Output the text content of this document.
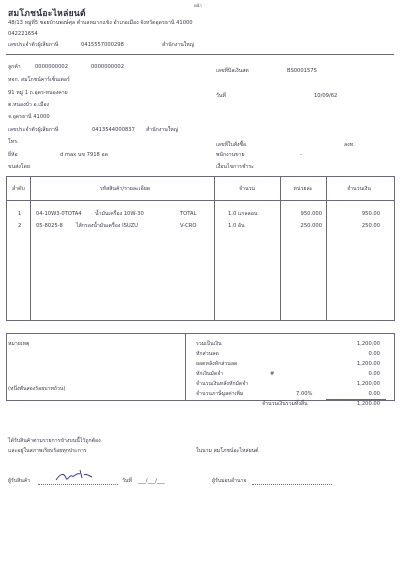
หน้า
สมโภชน์อะไหล่ยนต์
48/13 หมู่ที่5 ซอยบ้านพงษ์ศุล ตำบลหมากแข้ง อำเภอเมือง จังหวัดอุดรธานี 41000
042221654
เลขประจำตัวผู้เสียภาษี	0415557000298	สำนักงานใหญ่
ลูกค้า	0000000002	0000000002
หจก. สมโภชน์คาร์เซ็นเตอร์
91 หมู่ 1 ถ.อุดร-หนองคาย
ต.หนองบัว อ.เมือง
จ.อุดรธานี 41000
เลขประจำตัวผู้เสียภาษี	0413544000837 สำนักงานใหญ่
โทร.
ยี่ห้อ	d max นข 7918 อด
ขนส่งโดย
เลขที่บิลเงินสด	BS0001575
วันที่	10/09/62
เลขที่ใบสั่งซื้อ	ลงท.
พนักงานขาย	-
เงื่อนไขการชำระ
ลำดับ	รหัสสินค้า/รายละเอียด	จำนวน	หน่วยละ	จำนวนเงิน
1	04-10W3-0TOTA4	น้ำมันเครื่อง 10W-30	TOTAL	1.0 แกลลอน	950.000	950.00
2	05-8025-8	ไส้กรองน้ำมันเครื่อง ISUZU	V-CRO	1.0 อัน	250.000	250.00
หมายเหตุ
(หนึ่งพันสองร้อยบาทถ้วน)
รวมเป็นเงิน	1,200.00
หักส่วนลด	0.00
ยอดหลังหักส่วนลด	1,200.00
หักเงินมัดจำ	#	0.00
จำนวนเงินหลังหักมัดจำ	1,200.00
จำนวนภาษีมูลค่าเพิ่ม	7.00%	0.00
จำนวนเงินรวมทั้งสิ้น	1,200.00
ได้รับสินค้าตามรายการข้างบนนี้ไว้ถูกต้อง
และอยู่ในสภาพเรียบร้อยทุกประการ	ในนาม สมโภชน์อะไหล่ยนต์
ผู้รับสินค้า	วันที่ ___/___/___	ผู้รับมอบอำนาจ
